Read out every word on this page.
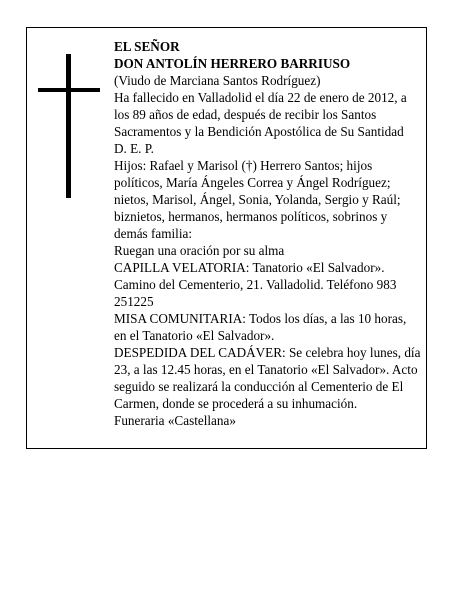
EL SEÑOR

DON ANTOLÍN HERRERO BARRIUSO

(Viudo de Marciana Santos Rodríguez)

Ha fallecido en Valladolid el día 22 de enero de 2012, a los 89 años de edad, después de recibir los Santos Sacramentos y la Bendición Apostólica de Su Santidad

D. E. P.

Hijos: Rafael y Marisol (†) Herrero Santos; hijos políticos, María Ángeles Correa y Ángel Rodríguez; nietos, Marisol, Ángel, Sonia, Yolanda, Sergio y Raúl; biznietos, hermanos, hermanos políticos, sobrinos y demás familia:

Ruegan una oración por su alma

CAPILLA VELATORIA: Tanatorio «El Salvador». Camino del Cementerio, 21. Valladolid. Teléfono 983 251225

MISA COMUNITARIA: Todos los días, a las 10 horas, en el Tanatorio «El Salvador».

DESPEDIDA DEL CADÁVER: Se celebra hoy lunes, día 23, a las 12.45 horas, en el Tanatorio «El Salvador». Acto seguido se realizará la conducción al Cementerio de El Carmen, donde se procederá a su inhumación.

Funeraria «Castellana»
